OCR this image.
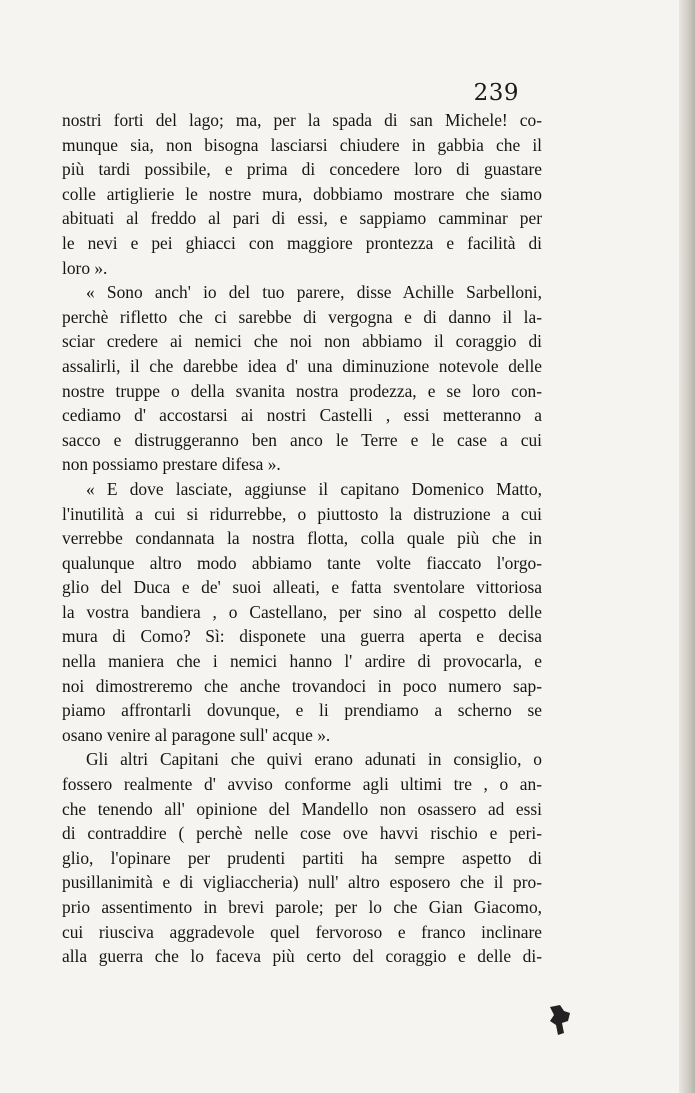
239
nostri forti del lago; ma, per la spada di san Michele! co-
munque sia, non bisogna lasciarsi chiudere in gabbia che il
più tardi possibile, e prima di concedere loro di guastare
colle artiglierie le nostre mura, dobbiamo mostrare che siamo
abituati al freddo al pari di essi, e sappiamo camminar per
le nevi e pei ghiacci con maggiore prontezza e facilità di
loro ».
« Sono anch' io del tuo parere, disse Achille Sarbelloni,
perchè rifletto che ci sarebbe di vergogna e di danno il la-
sciar credere ai nemici che noi non abbiamo il coraggio di
assalirli, il che darebbe idea d' una diminuzione notevole delle
nostre truppe o della svanita nostra prodezza, e se loro con-
cediamo d' accostarsi ai nostri Castelli , essi metteranno a
sacco e distruggeranno ben anco le Terre e le case a cui
non possiamo prestare difesa ».
« E dove lasciate, aggiunse il capitano Domenico Matto,
l'inutilità a cui si ridurrebbe, o piuttosto la distruzione a cui
verrebbe condannata la nostra flotta, colla quale più che in
qualunque altro modo abbiamo tante volte fiaccato l'orgo-
glio del Duca e de' suoi alleati, e fatta sventolare vittoriosa
la vostra bandiera , o Castellano, per sino al cospetto delle
mura di Como? Sì: disponete una guerra aperta e decisa
nella maniera che i nemici hanno l' ardire di provocarla, e
noi dimostreremo che anche trovandoci in poco numero sap-
piamo affrontarli dovunque, e li prendiamo a scherno se
osano venire al paragone sull' acque ».
Gli altri Capitani che quivi erano adunati in consiglio, o
fossero realmente d' avviso conforme agli ultimi tre , o an-
che tenendo all' opinione del Mandello non osassero ad essi
di contraddire ( perchè nelle cose ove havvi rischio e peri-
glio, l'opinare per prudenti partiti ha sempre aspetto di
pusillanimità e di vigliaccheria) null' altro esposero che il pro-
prio assentimento in brevi parole; per lo che Gian Giacomo,
cui riusciva aggradevole quel fervoroso e franco inclinare
alla guerra che lo faceva più certo del coraggio e delle di-
